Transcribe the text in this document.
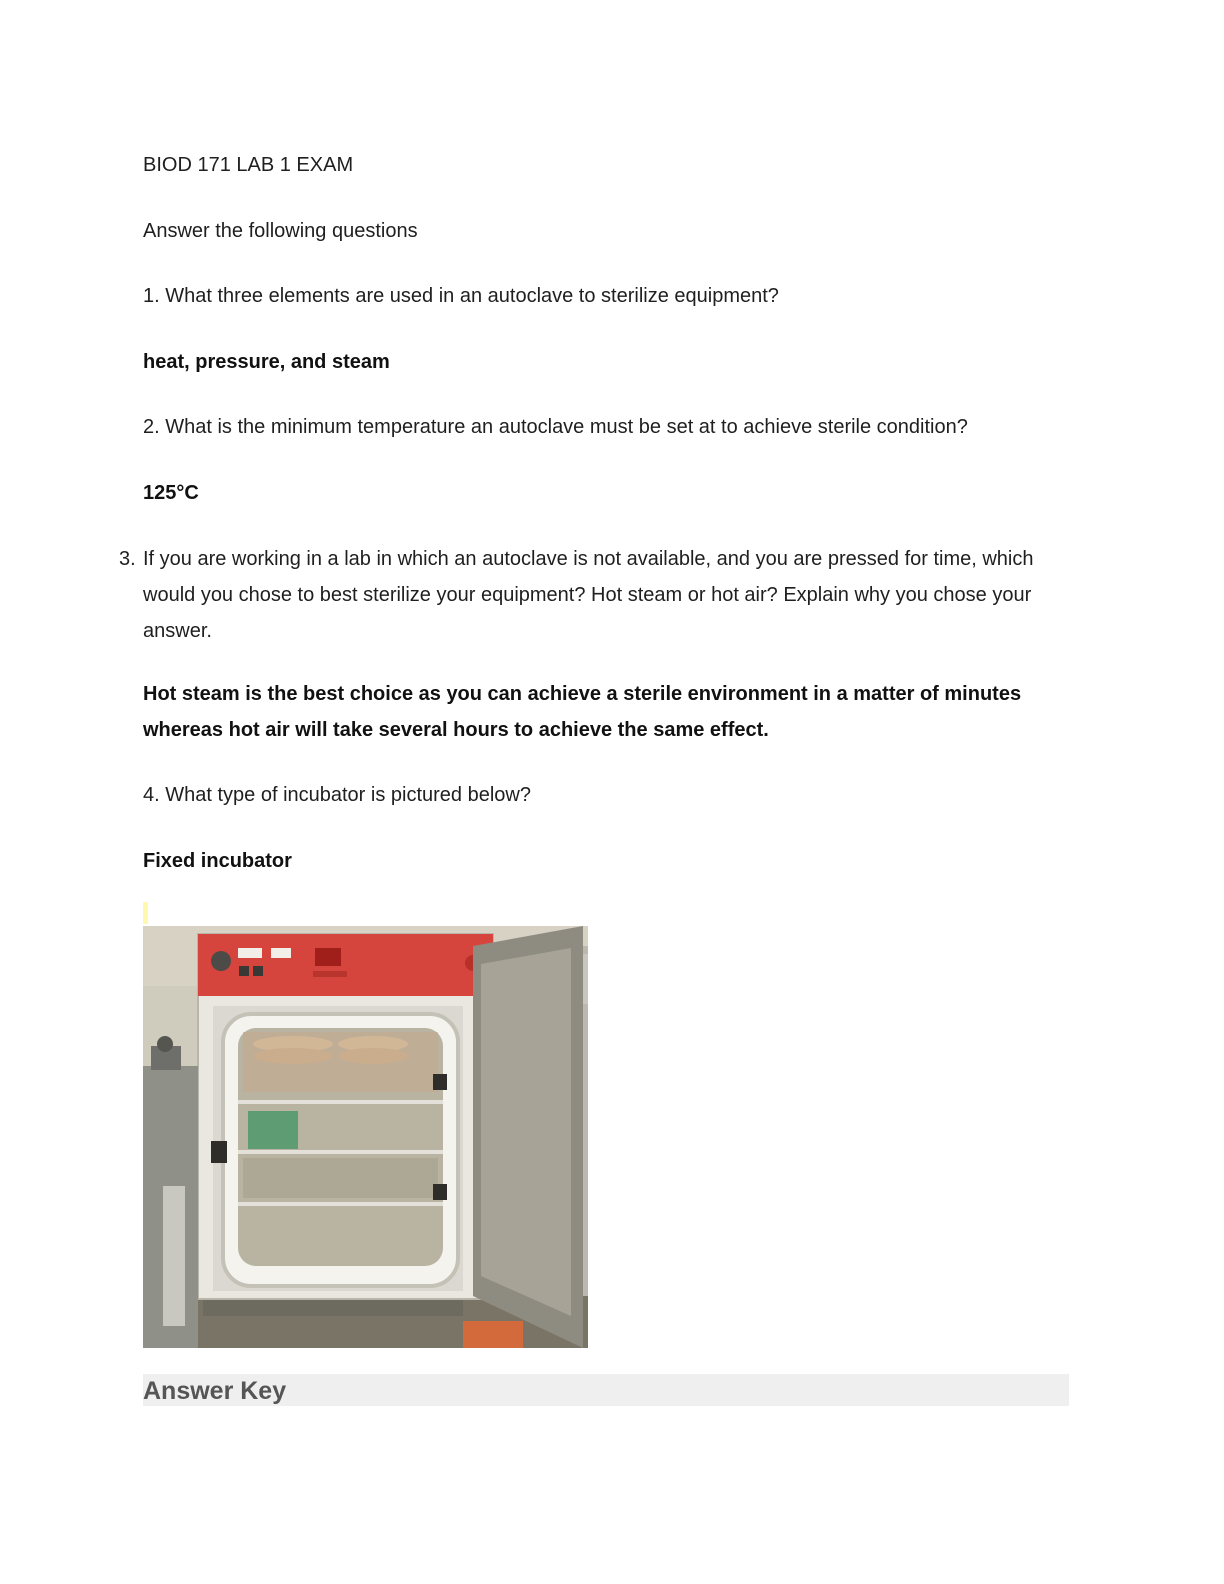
BIOD 171 LAB 1 EXAM
Answer the following questions
1. What three elements are used in an autoclave to sterilize equipment?
heat, pressure, and steam
2. What is the minimum temperature an autoclave must be set at to achieve sterile condition?
125°C
3. If you are working in a lab in which an autoclave is not available, and you are pressed for time, which would you chose to best sterilize your equipment? Hot steam or hot air? Explain why you chose your answer.
Hot steam is the best choice as you can achieve a sterile environment in a matter of minutes whereas hot air will take several hours to achieve the same effect.
4. What type of incubator is pictured below?
Fixed incubator
Answer Key
